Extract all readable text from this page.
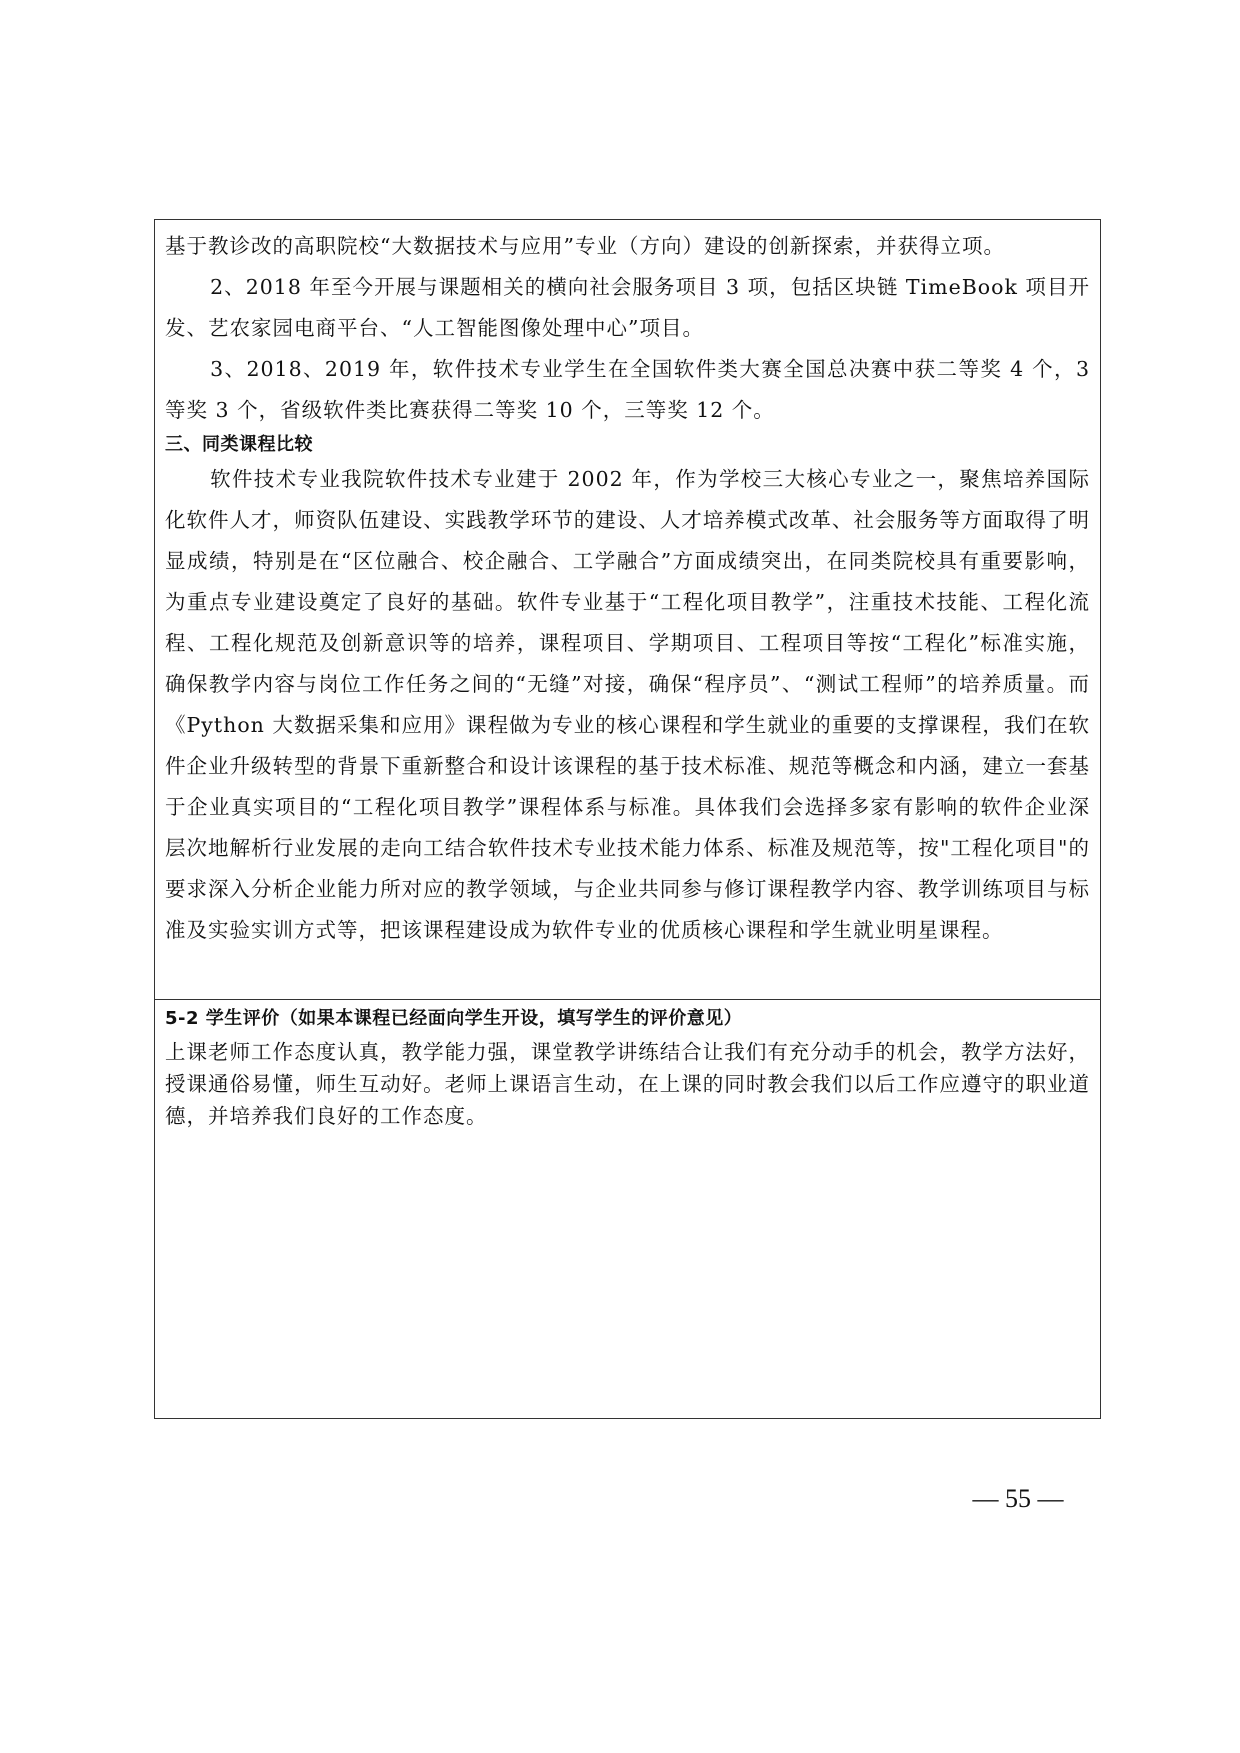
基于教诊改的高职院校“大数据技术与应用”专业（方向）建设的创新探索，并获得立项。

2、2018 年至今开展与课题相关的横向社会服务项目 3 项，包括区块链 TimeBook 项目开发、艺农家园电商平台、“人工智能图像处理中心”项目。

3、2018、2019 年，软件技术专业学生在全国软件类大赛全国总决赛中获二等奖 4 个，3 等奖 3 个，省级软件类比赛获得二等奖 10 个，三等奖 12 个。

三、同类课程比较

软件技术专业我院软件技术专业建于 2002 年，作为学校三大核心专业之一，聚焦培养国际化软件人才，师资队伍建设、实践教学环节的建设、人才培养模式改革、社会服务等方面取得了明显成绩，特别是在“区位融合、校企融合、工学融合”方面成绩突出，在同类院校具有重要影响，为重点专业建设奠定了良好的基础。软件专业基于“工程化项目教学”，注重技术技能、工程化流程、工程化规范及创新意识等的培养，课程项目、学期项目、工程项目等按“工程化”标准实施，确保教学内容与岗位工作任务之间的“无缝”对接，确保“程序员”、“测试工程师”的培养质量。而《Python 大数据采集和应用》课程做为专业的核心课程和学生就业的重要的支撑课程，我们在软件企业升级转型的背景下重新整合和设计该课程的基于技术标准、规范等概念和内涵，建立一套基于企业真实项目的“工程化项目教学”课程体系与标准。具体我们会选择多家有影响的软件企业深层次地解析行业发展的走向工结合软件技术专业技术能力体系、标准及规范等，按"工程化项目"的要求深入分析企业能力所对应的教学领域，与企业共同参与修订课程教学内容、教学训练项目与标准及实验实训方式等，把该课程建设成为软件专业的优质核心课程和学生就业明星课程。

5-2 学生评价（如果本课程已经面向学生开设，填写学生的评价意见）

上课老师工作态度认真，教学能力强，课堂教学讲练结合让我们有充分动手的机会，教学方法好，授课通俗易懂，师生互动好。老师上课语言生动，在上课的同时教会我们以后工作应遵守的职业道德，并培养我们良好的工作态度。

— 55 —
